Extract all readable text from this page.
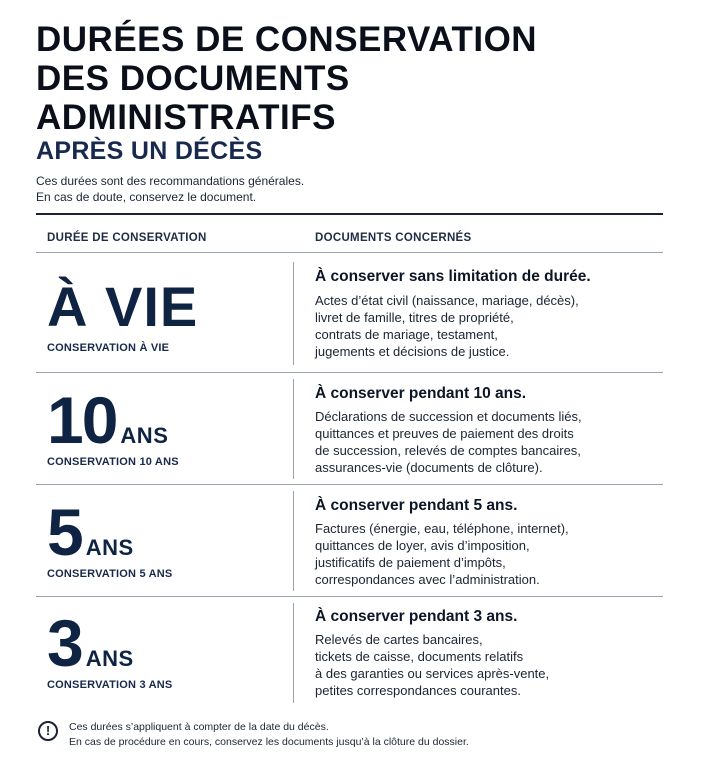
DURÉES DE CONSERVATION
DES DOCUMENTS
ADMINISTRATIFS
APRÈS UN DÉCÈS
Ces durées sont des recommandations générales.
En cas de doute, conservez le document.
DURÉE DE CONSERVATION	DOCUMENTS CONCERNÉS
À VIE
CONSERVATION À VIE
À conserver sans limitation de durée.
Actes d’état civil (naissance, mariage, décès),
livret de famille, titres de propriété,
contrats de mariage, testament,
jugements et décisions de justice.
10 ANS
CONSERVATION 10 ANS
À conserver pendant 10 ans.
Déclarations de succession et documents liés,
quittances et preuves de paiement des droits
de succession, relevés de comptes bancaires,
assurances-vie (documents de clôture).
5 ANS
CONSERVATION 5 ANS
À conserver pendant 5 ans.
Factures (énergie, eau, téléphone, internet),
quittances de loyer, avis d’imposition,
justificatifs de paiement d’impôts,
correspondances avec l’administration.
3 ANS
CONSERVATION 3 ANS
À conserver pendant 3 ans.
Relevés de cartes bancaires,
tickets de caisse, documents relatifs
à des garanties ou services après-vente,
petites correspondances courantes.
!	Ces durées s’appliquent à compter de la date du décès.
En cas de procédure en cours, conservez les documents jusqu’à la clôture du dossier.
